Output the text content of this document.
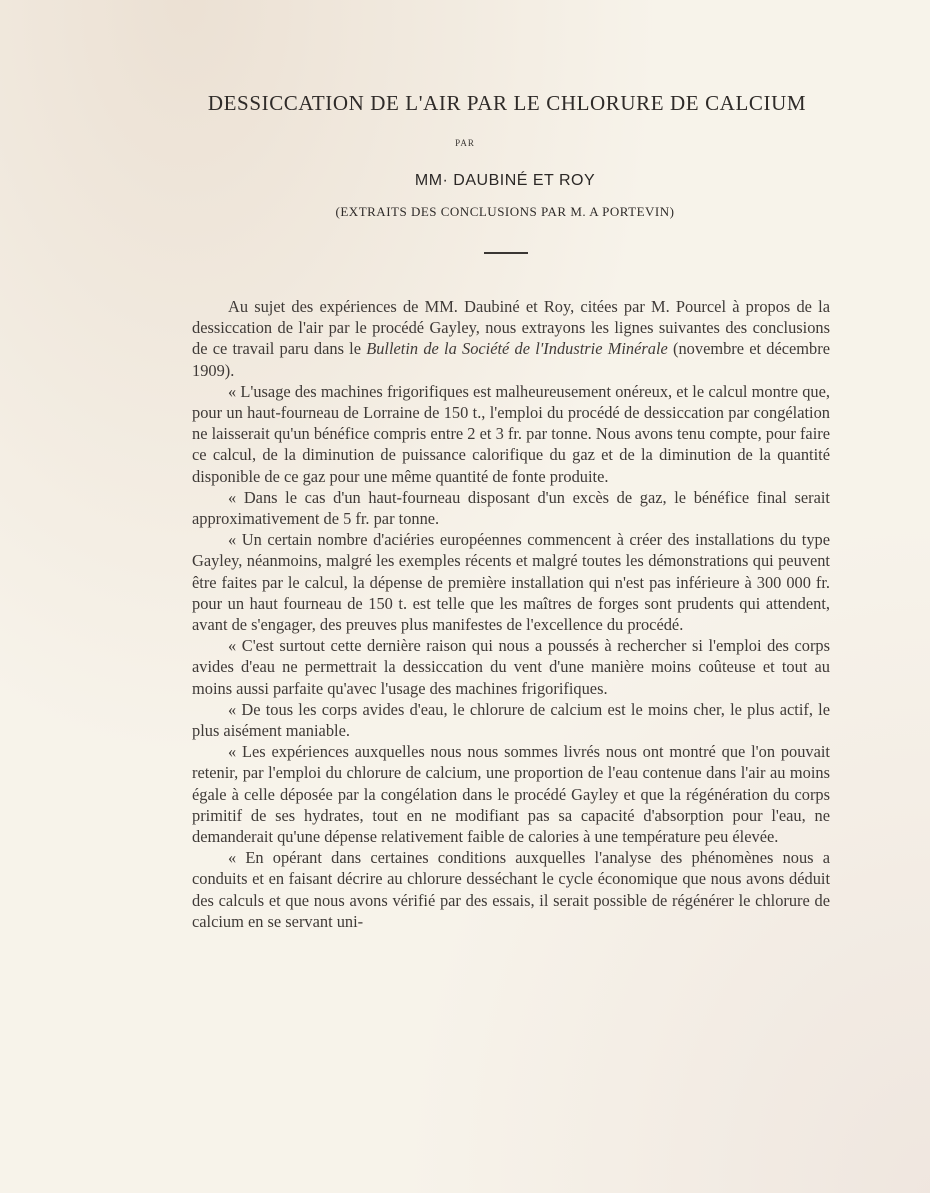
DESSICCATION DE L'AIR PAR LE CHLORURE DE CALCIUM
PAR
MM· DAUBINÉ ET ROY
(EXTRAITS DES CONCLUSIONS PAR M. A PORTEVIN)

Au sujet des expériences de MM. Daubiné et Roy, citées par M. Pourcel à propos de la dessiccation de l'air par le procédé Gayley, nous extrayons les lignes suivantes des conclusions de ce travail paru dans le Bulletin de la Société de l'Industrie Minérale (novembre et décembre 1909).

« L'usage des machines frigorifiques est malheureusement onéreux, et le calcul montre que, pour un haut-fourneau de Lorraine de 150 t., l'emploi du procédé de dessiccation par congélation ne laisserait qu'un bénéfice compris entre 2 et 3 fr. par tonne. Nous avons tenu compte, pour faire ce calcul, de la diminution de puissance calorifique du gaz et de la diminution de la quantité disponible de ce gaz pour une même quantité de fonte produite.

« Dans le cas d'un haut-fourneau disposant d'un excès de gaz, le bénéfice final serait approximativement de 5 fr. par tonne.

« Un certain nombre d'aciéries européennes commencent à créer des installations du type Gayley, néanmoins, malgré les exemples récents et malgré toutes les démonstrations qui peuvent être faites par le calcul, la dépense de première installation qui n'est pas inférieure à 300 000 fr. pour un haut fourneau de 150 t. est telle que les maîtres de forges sont prudents qui attendent, avant de s'engager, des preuves plus manifestes de l'excellence du procédé.

« C'est surtout cette dernière raison qui nous a poussés à rechercher si l'emploi des corps avides d'eau ne permettrait la dessiccation du vent d'une manière moins coûteuse et tout au moins aussi parfaite qu'avec l'usage des machines frigorifiques.

« De tous les corps avides d'eau, le chlorure de calcium est le moins cher, le plus actif, le plus aisément maniable.

« Les expériences auxquelles nous nous sommes livrés nous ont montré que l'on pouvait retenir, par l'emploi du chlorure de calcium, une proportion de l'eau contenue dans l'air au moins égale à celle déposée par la congélation dans le procédé Gayley et que la régénération du corps primitif de ses hydrates, tout en ne modifiant pas sa capacité d'absorption pour l'eau, ne demanderait qu'une dépense relativement faible de calories à une température peu élevée.

« En opérant dans certaines conditions auxquelles l'analyse des phénomènes nous a conduits et en faisant décrire au chlorure desséchant le cycle économique que nous avons déduit des calculs et que nous avons vérifié par des essais, il serait possible de régénérer le chlorure de calcium en se servant uni-
